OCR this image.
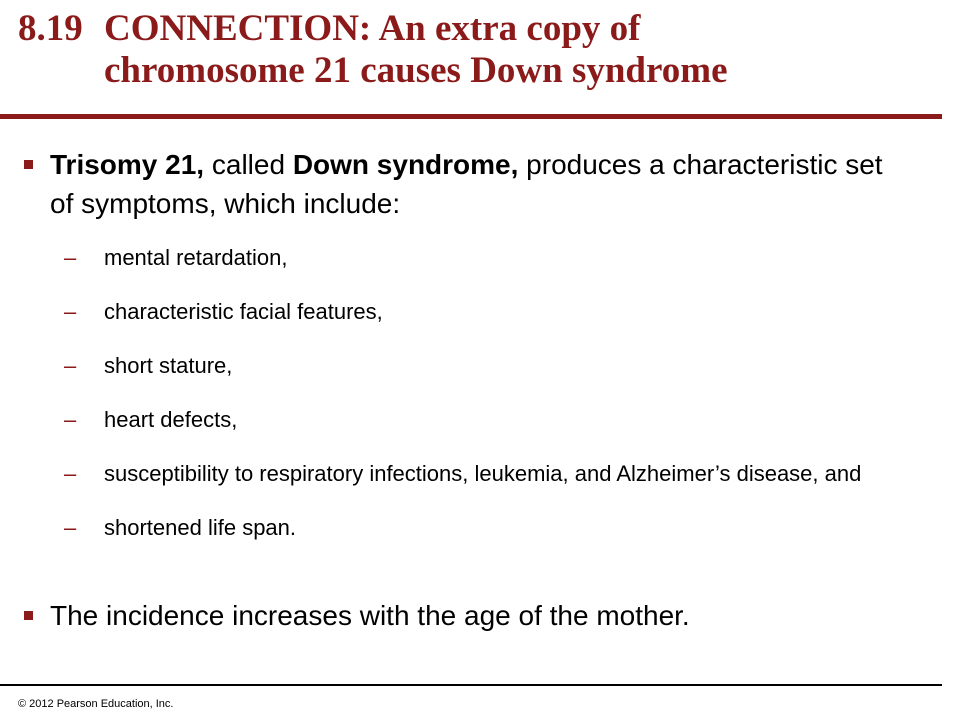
8.19 CONNECTION: An extra copy of
chromosome 21 causes Down syndrome
Trisomy 21, called Down syndrome, produces a characteristic set of symptoms, which include:
–	mental retardation,
–	characteristic facial features,
–	short stature,
–	heart defects,
–	susceptibility to respiratory infections, leukemia, and Alzheimer’s disease, and
–	shortened life span.
The incidence increases with the age of the mother.
© 2012 Pearson Education, Inc.
